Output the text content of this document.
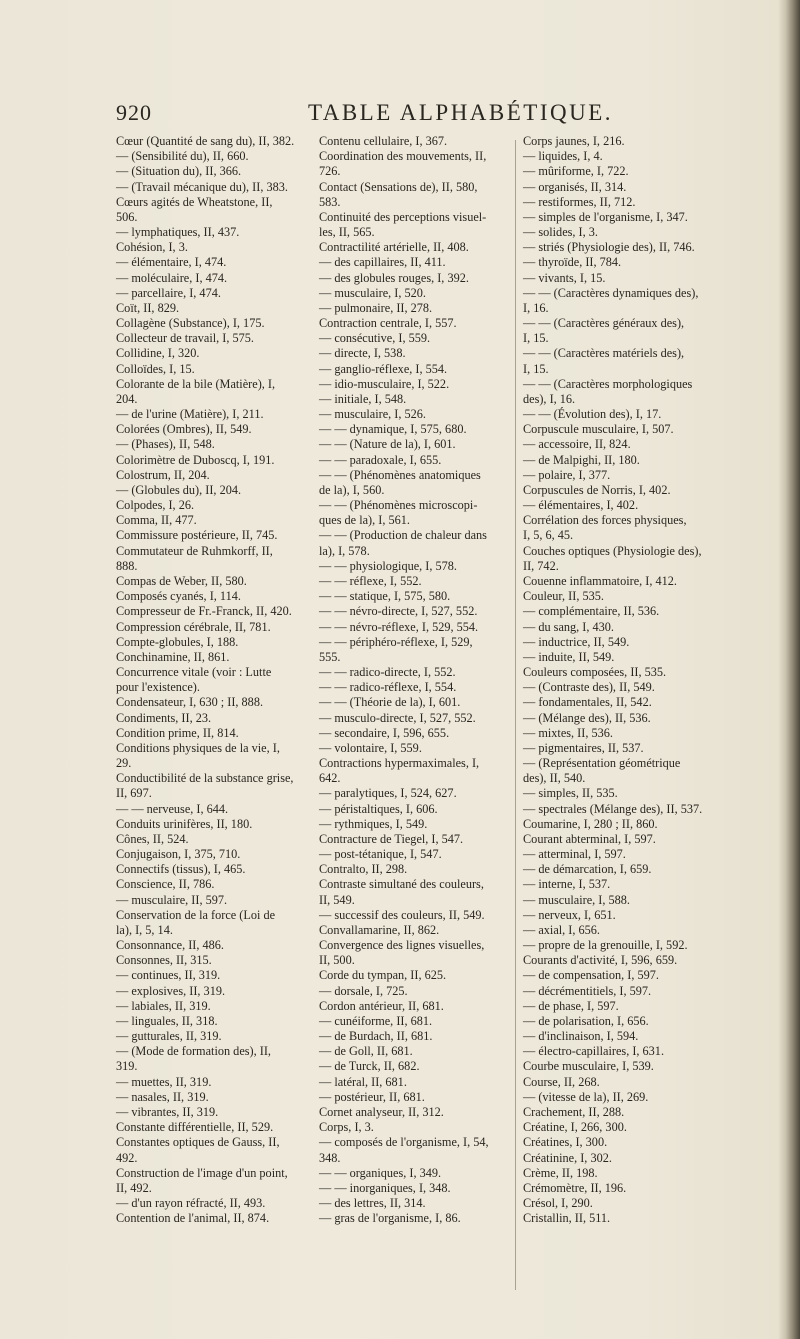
920	TABLE ALPHABÉTIQUE.
Cœur (Quantité de sang du), II, 382.
— (Sensibilité du), II, 660.
— (Situation du), II, 366.
— (Travail mécanique du), II, 383.
Cœurs agités de Wheatstone, II,
506.
— lymphatiques, II, 437.
Cohésion, I, 3.
— élémentaire, I, 474.
— moléculaire, I, 474.
— parcellaire, I, 474.
Coït, II, 829.
Collagène (Substance), I, 175.
Collecteur de travail, I, 575.
Collidine, I, 320.
Colloïdes, I, 15.
Colorante de la bile (Matière), I,
204.
— de l'urine (Matière), I, 211.
Colorées (Ombres), II, 549.
— (Phases), II, 548.
Colorimètre de Duboscq, I, 191.
Colostrum, II, 204.
— (Globules du), II, 204.
Colpodes, I, 26.
Comma, II, 477.
Commissure postérieure, II, 745.
Commutateur de Ruhmkorff, II,
888.
Compas de Weber, II, 580.
Composés cyanés, I, 114.
Compresseur de Fr.-Franck, II, 420.
Compression cérébrale, II, 781.
Compte-globules, I, 188.
Conchinamine, II, 861.
Concurrence vitale (voir : Lutte
pour l'existence).
Condensateur, I, 630 ; II, 888.
Condiments, II, 23.
Condition prime, II, 814.
Conditions physiques de la vie, I,
29.
Conductibilité de la substance grise,
II, 697.
— — nerveuse, I, 644.
Conduits urinifères, II, 180.
Cônes, II, 524.
Conjugaison, I, 375, 710.
Connectifs (tissus), I, 465.
Conscience, II, 786.
— musculaire, II, 597.
Conservation de la force (Loi de
la), I, 5, 14.
Consonnance, II, 486.
Consonnes, II, 315.
— continues, II, 319.
— explosives, II, 319.
— labiales, II, 319.
— linguales, II, 318.
— gutturales, II, 319.
— (Mode de formation des), II,
319.
— muettes, II, 319.
— nasales, II, 319.
— vibrantes, II, 319.
Constante différentielle, II, 529.
Constantes optiques de Gauss, II,
492.
Construction de l'image d'un point,
II, 492.
— d'un rayon réfracté, II, 493.
Contention de l'animal, II, 874.
Contenu cellulaire, I, 367.
Coordination des mouvements, II,
726.
Contact (Sensations de), II, 580,
583.
Continuité des perceptions visuel-
les, II, 565.
Contractilité artérielle, II, 408.
— des capillaires, II, 411.
— des globules rouges, I, 392.
— musculaire, I, 520.
— pulmonaire, II, 278.
Contraction centrale, I, 557.
— consécutive, I, 559.
— directe, I, 538.
— ganglio-réflexe, I, 554.
— idio-musculaire, I, 522.
— initiale, I, 548.
— musculaire, I, 526.
— — dynamique, I, 575, 680.
— — (Nature de la), I, 601.
— — paradoxale, I, 655.
— — (Phénomènes anatomiques
de la), I, 560.
— — (Phénomènes microscopi-
ques de la), I, 561.
— — (Production de chaleur dans
la), I, 578.
— — physiologique, I, 578.
— — réflexe, I, 552.
— — statique, I, 575, 580.
— — névro-directe, I, 527, 552.
— — névro-réflexe, I, 529, 554.
— — périphéro-réflexe, I, 529,
555.
— — radico-directe, I, 552.
— — radico-réflexe, I, 554.
— — (Théorie de la), I, 601.
— musculo-directe, I, 527, 552.
— secondaire, I, 596, 655.
— volontaire, I, 559.
Contractions hypermaximales, I,
642.
— paralytiques, I, 524, 627.
— péristaltiques, I, 606.
— rythmiques, I, 549.
Contracture de Tiegel, I, 547.
— post-tétanique, I, 547.
Contralto, II, 298.
Contraste simultané des couleurs,
II, 549.
— successif des couleurs, II, 549.
Convallamarine, II, 862.
Convergence des lignes visuelles,
II, 500.
Corde du tympan, II, 625.
— dorsale, I, 725.
Cordon antérieur, II, 681.
— cunéiforme, II, 681.
— de Burdach, II, 681.
— de Goll, II, 681.
— de Turck, II, 682.
— latéral, II, 681.
— postérieur, II, 681.
Cornet analyseur, II, 312.
Corps, I, 3.
— composés de l'organisme, I, 54,
348.
— — organiques, I, 349.
— — inorganiques, I, 348.
— des lettres, II, 314.
— gras de l'organisme, I, 86.
Corps jaunes, I, 216.
— liquides, I, 4.
— mûriforme, I, 722.
— organisés, II, 314.
— restiformes, II, 712.
— simples de l'organisme, I, 347.
— solides, I, 3.
— striés (Physiologie des), II, 746.
— thyroïde, II, 784.
— vivants, I, 15.
— — (Caractères dynamiques des),
I, 16.
— — (Caractères généraux des),
I, 15.
— — (Caractères matériels des),
I, 15.
— — (Caractères morphologiques
des), I, 16.
— — (Évolution des), I, 17.
Corpuscule musculaire, I, 507.
— accessoire, II, 824.
— de Malpighi, II, 180.
— polaire, I, 377.
Corpuscules de Norris, I, 402.
— élémentaires, I, 402.
Corrélation des forces physiques,
I, 5, 6, 45.
Couches optiques (Physiologie des),
II, 742.
Couenne inflammatoire, I, 412.
Couleur, II, 535.
— complémentaire, II, 536.
— du sang, I, 430.
— inductrice, II, 549.
— induite, II, 549.
Couleurs composées, II, 535.
— (Contraste des), II, 549.
— fondamentales, II, 542.
— (Mélange des), II, 536.
— mixtes, II, 536.
— pigmentaires, II, 537.
— (Représentation géométrique
des), II, 540.
— simples, II, 535.
— spectrales (Mélange des), II, 537.
Coumarine, I, 280 ; II, 860.
Courant abterminal, I, 597.
— atterminal, I, 597.
— de démarcation, I, 659.
— interne, I, 537.
— musculaire, I, 588.
— nerveux, I, 651.
— axial, I, 656.
— propre de la grenouille, I, 592.
Courants d'activité, I, 596, 659.
— de compensation, I, 597.
— décrémentitiels, I, 597.
— de phase, I, 597.
— de polarisation, I, 656.
— d'inclinaison, I, 594.
— électro-capillaires, I, 631.
Courbe musculaire, I, 539.
Course, II, 268.
— (vitesse de la), II, 269.
Crachement, II, 288.
Créatine, I, 266, 300.
Créatines, I, 300.
Créatinine, I, 302.
Crème, II, 198.
Crémomètre, II, 196.
Crésol, I, 290.
Cristallin, II, 511.
